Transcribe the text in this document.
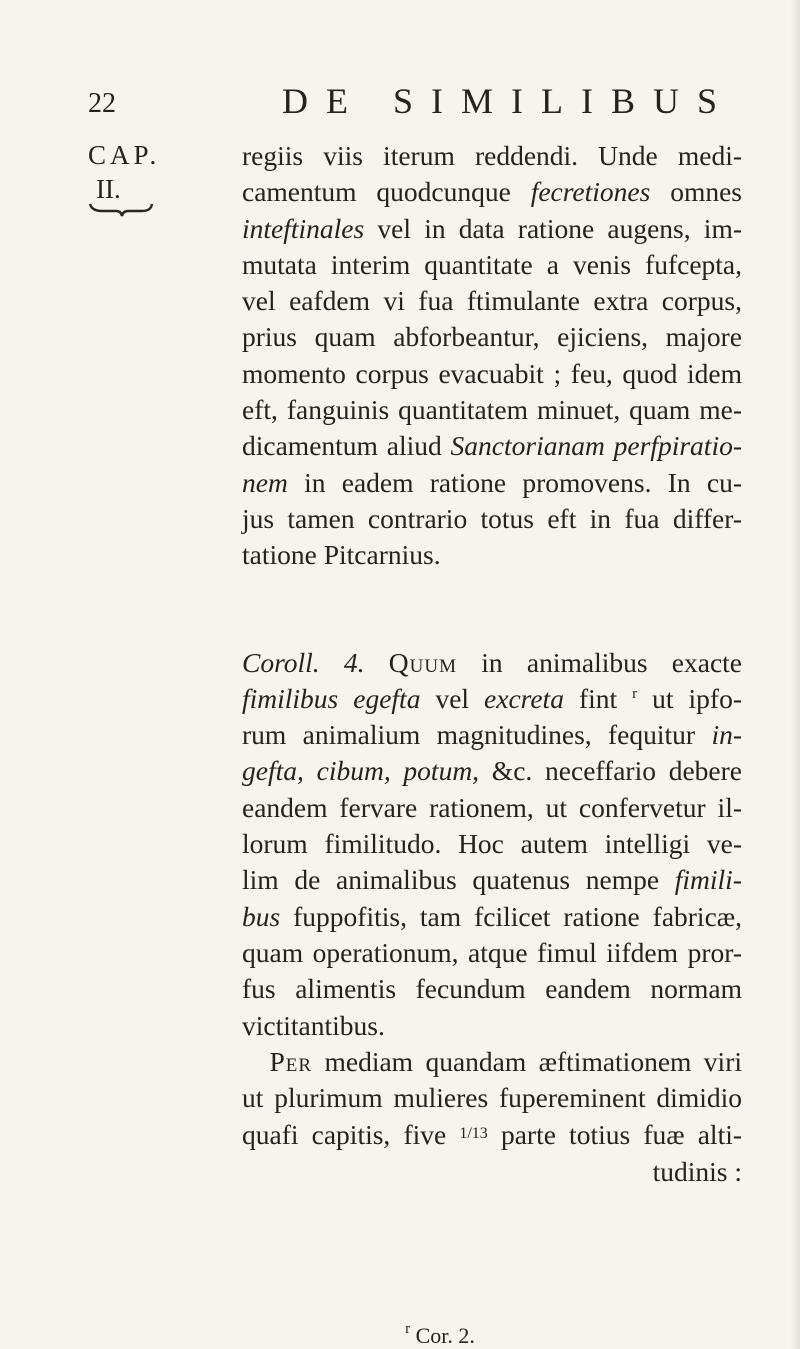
22	DE SIMILIBUS
CAP.
II.

regiis viis iterum reddendi. Unde medi-
camentum quodcunque fecretiones omnes
inteftinales vel in data ratione augens, im-
mutata interim quantitate a venis fufcepta,
vel eafdem vi fua ftimulante extra corpus,
prius quam abforbeantur, ejiciens, majore
momento corpus evacuabit ; feu, quod idem
eft, fanguinis quantitatem minuet, quam me-
dicamentum aliud Sanctorianam perfpiratio-
nem in eadem ratione promovens. In cu-
jus tamen contrario totus eft in fua differ-
tatione Pitcarnius.

Coroll. 4. Quum in animalibus exacte
fimilibus egefta vel excreta fint $^r$ ut ipfo-
rum animalium magnitudines, fequitur in-
gefta, cibum, potum, &c. neceffario debere
eandem fervare rationem, ut confervetur il-
lorum fimilitudo. Hoc autem intelligi ve-
lim de animalibus quatenus nempe fimili-
bus fuppofitis, tam fcilicet ratione fabricæ,
quam operationum, atque fimul iifdem pror-
fus alimentis fecundum eandem normam
victitantibus.

 Per mediam quandam æftimationem viri
ut plurimum mulieres fupereminent dimidio
quafi capitis, five $^{1/13}$ parte totius fuæ alti-
tudinis :

$^r$ Cor. 2.
